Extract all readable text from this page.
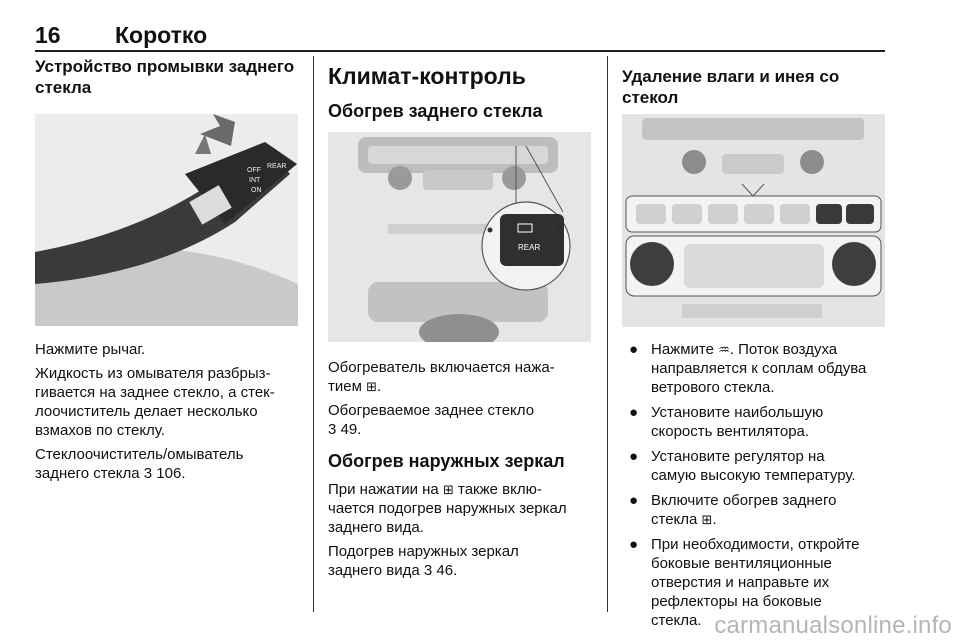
16 Коротко
Устройство промывки заднего
стекла
OFF
INT
ON
REAR

Нажмите рычаг.

Жидкость из омывателя разбрыз-
гивается на заднее стекло, а стек-
лоочиститель делает несколько
взмахов по стеклу.

Стеклоочиститель/омыватель
заднего стекла 3 106.

Климат-контроль
Обогрев заднего стекла
REAR

Обогреватель включается нажа-
тием ⊞.

Обогреваемое заднее стекло
3 49.

Обогрев наружных зеркал

При нажатии на ⊞ также вклю-
чается подогрев наружных зеркал
заднего вида.

Подогрев наружных зеркал
заднего вида 3 46.

Удаление влаги и инея со
стекол
● Нажмите ♒. Поток воздуха
направляется к соплам обдува
ветрового стекла.
● Установите наибольшую
скорость вентилятора.
● Установите регулятор на
самую высокую температуру.
● Включите обогрев заднего
стекла ⊞.
● При необходимости, откройте
боковые вентиляционные
отверстия и направьте их
рефлекторы на боковые
стекла. carmanualsonline.info
